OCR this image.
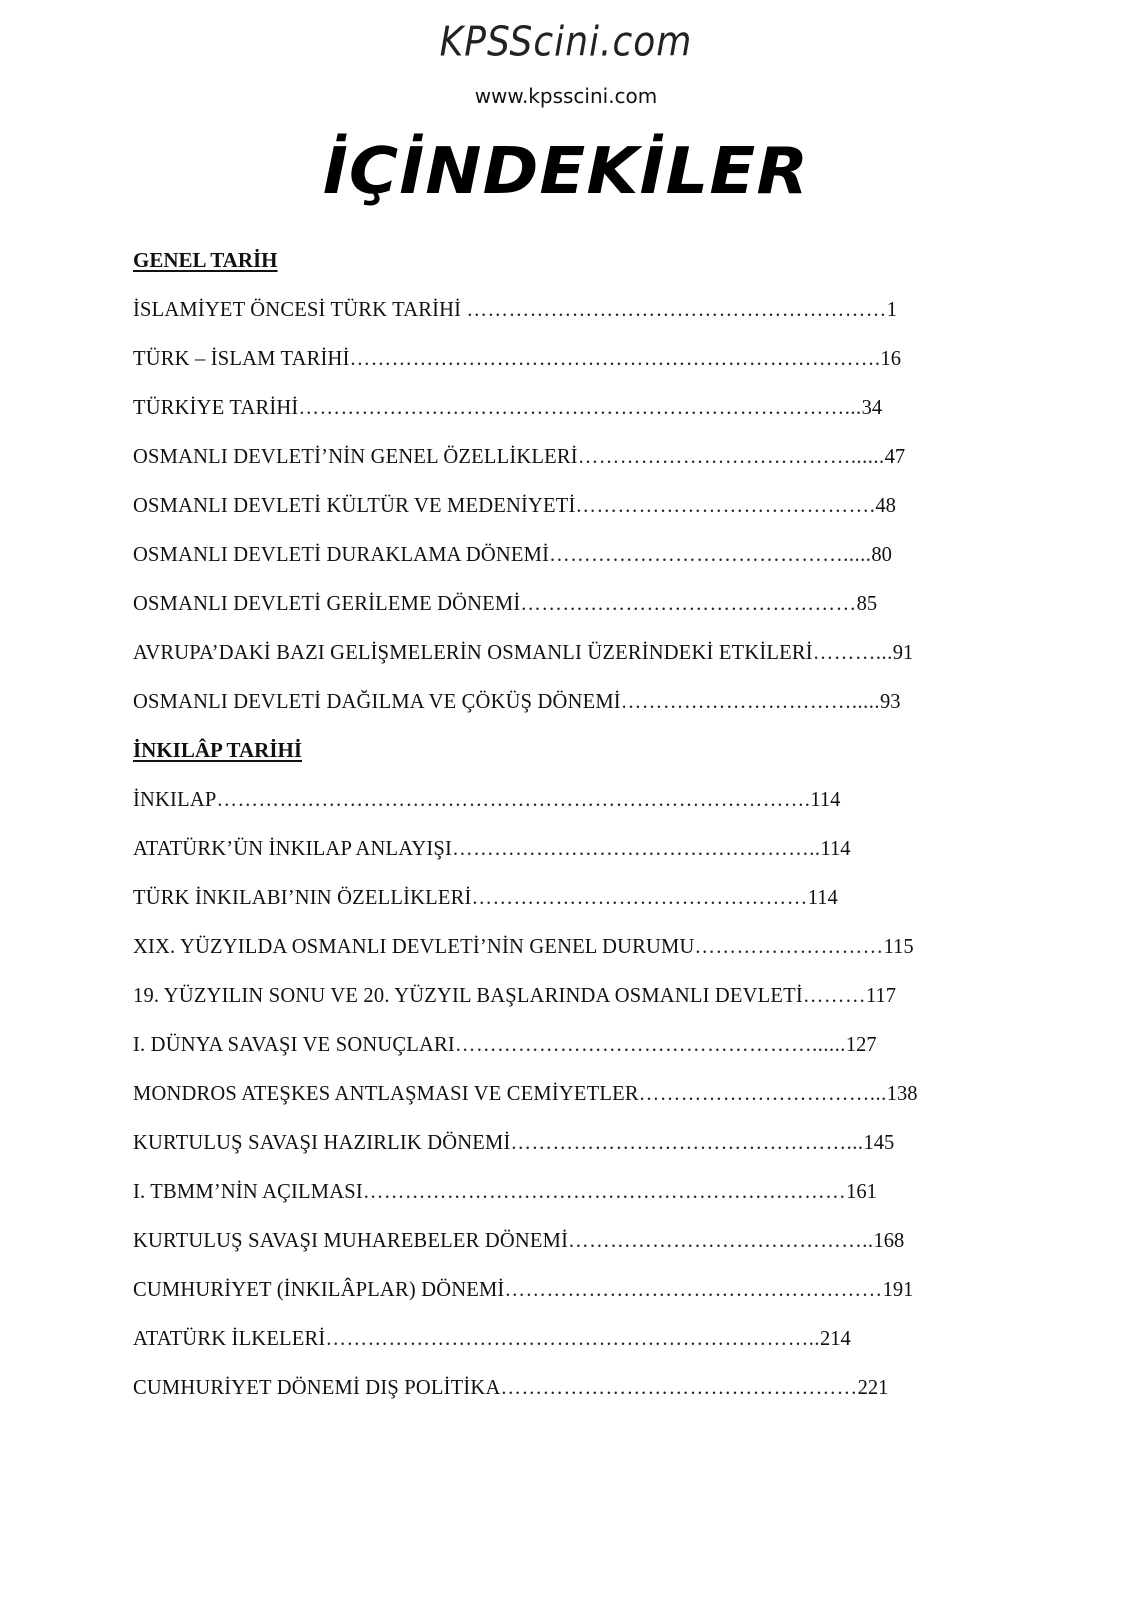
KPSScini.com
www.kpsscini.com
İÇİNDEKİLER
GENEL TARİH
İSLAMİYET ÖNCESİ TÜRK TARİHİ ……………………………………………………1
TÜRK – İSLAM TARİHİ………………………………………………………………….16
TÜRKİYE TARİHİ……………………………………………………………………...34
OSMANLI DEVLETİ’NİN GENEL ÖZELLİKLERİ…………………………………......47
OSMANLI DEVLETİ KÜLTÜR VE MEDENİYETİ…………………………………….48
OSMANLI DEVLETİ DURAKLAMA DÖNEMİ…………………………………….....80
OSMANLI DEVLETİ GERİLEME DÖNEMİ…………………………………………85
AVRUPA’DAKİ BAZI GELİŞMELERİN OSMANLI ÜZERİNDEKİ ETKİLERİ………...91
OSMANLI DEVLETİ DAĞILMA VE ÇÖKÜŞ DÖNEMİ…………………………….....93
İNKILÂP TARİHİ
İNKILAP………………………………………………………………………….114
ATATÜRK’ÜN İNKILAP ANLAYIŞI……………………………………………..114
TÜRK İNKILABI’NIN ÖZELLİKLERİ…………………………………………114
XIX. YÜZYILDA OSMANLI DEVLETİ’NİN GENEL DURUMU………………………115
19. YÜZYILIN SONU VE 20. YÜZYIL BAŞLARINDA OSMANLI DEVLETİ………117
I. DÜNYA SAVAŞI VE SONUÇLARI……………………………………………......127
MONDROS ATEŞKES ANTLAŞMASI VE CEMİYETLER……………………………...138
KURTULUŞ SAVAŞI HAZIRLIK DÖNEMİ…………………………………………...145
I. TBMM’NİN AÇILMASI……………………………………………………………161
KURTULUŞ SAVAŞI MUHAREBELER DÖNEMİ……………………………………..168
CUMHURİYET (İNKILÂPLAR) DÖNEMİ………………………………………………191
ATATÜRK İLKELERİ……………………………………………………………..214
CUMHURİYET DÖNEMİ DIŞ POLİTİKA……………………………………………221
